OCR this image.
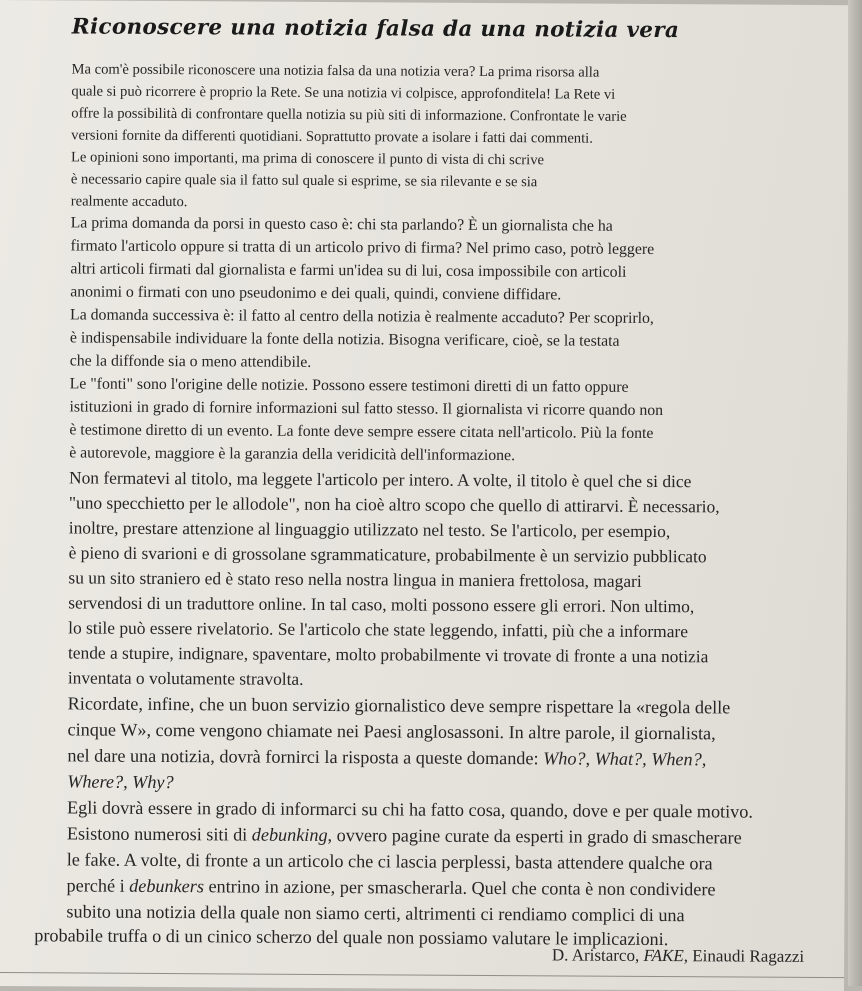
Riconoscere una notizia falsa da una notizia vera
Ma com'è possibile riconoscere una notizia falsa da una notizia vera? La prima risorsa alla
quale si può ricorrere è proprio la Rete. Se una notizia vi colpisce, approfonditela! La Rete vi
offre la possibilità di confrontare quella notizia su più siti di informazione. Confrontate le varie
versioni fornite da differenti quotidiani. Soprattutto provate a isolare i fatti dai commenti.
Le opinioni sono importanti, ma prima di conoscere il punto di vista di chi scrive
è necessario capire quale sia il fatto sul quale si esprime, se sia rilevante e se sia
realmente accaduto.
La prima domanda da porsi in questo caso è: chi sta parlando? È un giornalista che ha
firmato l'articolo oppure si tratta di un articolo privo di firma? Nel primo caso, potrò leggere
altri articoli firmati dal giornalista e farmi un'idea su di lui, cosa impossibile con articoli
anonimi o firmati con uno pseudonimo e dei quali, quindi, conviene diffidare.
La domanda successiva è: il fatto al centro della notizia è realmente accaduto? Per scoprirlo,
è indispensabile individuare la fonte della notizia. Bisogna verificare, cioè, se la testata
che la diffonde sia o meno attendibile.
Le "fonti" sono l'origine delle notizie. Possono essere testimoni diretti di un fatto oppure
istituzioni in grado di fornire informazioni sul fatto stesso. Il giornalista vi ricorre quando non
è testimone diretto di un evento. La fonte deve sempre essere citata nell'articolo. Più la fonte
è autorevole, maggiore è la garanzia della veridicità dell'informazione.
Non fermatevi al titolo, ma leggete l'articolo per intero. A volte, il titolo è quel che si dice
"uno specchietto per le allodole", non ha cioè altro scopo che quello di attirarvi. È necessario,
inoltre, prestare attenzione al linguaggio utilizzato nel testo. Se l'articolo, per esempio,
è pieno di svarioni e di grossolane sgrammaticature, probabilmente è un servizio pubblicato
su un sito straniero ed è stato reso nella nostra lingua in maniera frettolosa, magari
servendosi di un traduttore online. In tal caso, molti possono essere gli errori. Non ultimo,
lo stile può essere rivelatorio. Se l'articolo che state leggendo, infatti, più che a informare
tende a stupire, indignare, spaventare, molto probabilmente vi trovate di fronte a una notizia
inventata o volutamente stravolta.
Ricordate, infine, che un buon servizio giornalistico deve sempre rispettare la «regola delle
cinque W», come vengono chiamate nei Paesi anglosassoni. In altre parole, il giornalista,
nel dare una notizia, dovrà fornirci la risposta a queste domande: Who?, What?, When?,
Where?, Why?
Egli dovrà essere in grado di informarci su chi ha fatto cosa, quando, dove e per quale motivo.
Esistono numerosi siti di debunking, ovvero pagine curate da esperti in grado di smascherare
le fake. A volte, di fronte a un articolo che ci lascia perplessi, basta attendere qualche ora
perché i debunkers entrino in azione, per smascherarla. Quel che conta è non condividere
subito una notizia della quale non siamo certi, altrimenti ci rendiamo complici di una
probabile truffa o di un cinico scherzo del quale non possiamo valutare le implicazioni.
D. Aristarco, FAKE, Einaudi Ragazzi
